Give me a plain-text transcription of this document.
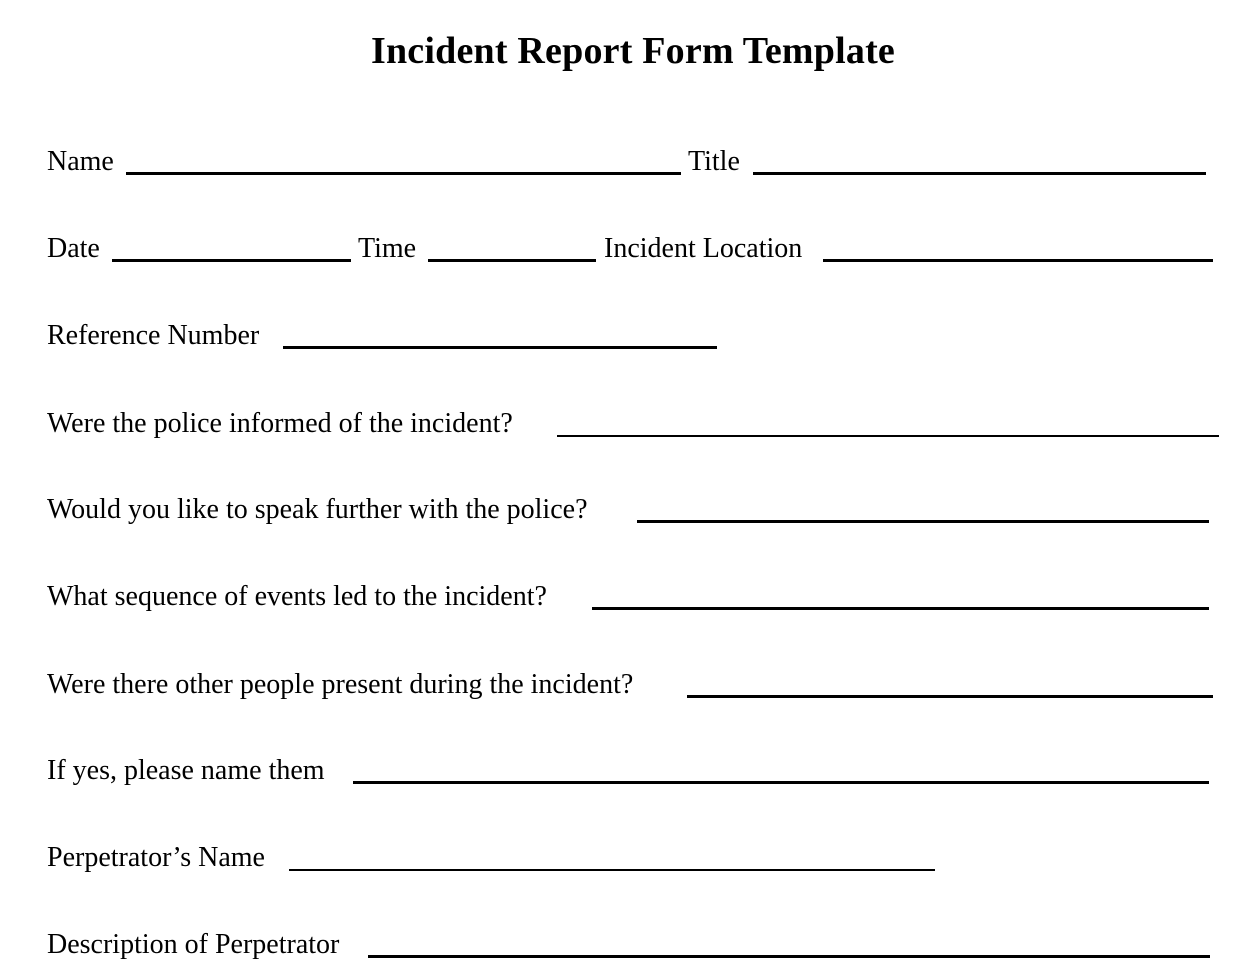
Incident Report Form Template
Name	Title
Date	Time	Incident Location
Reference Number
Were the police informed of the incident?
Would you like to speak further with the police?
What sequence of events led to the incident?
Were there other people present during the incident?
If yes, please name them
Perpetrator’s Name
Description of Perpetrator
